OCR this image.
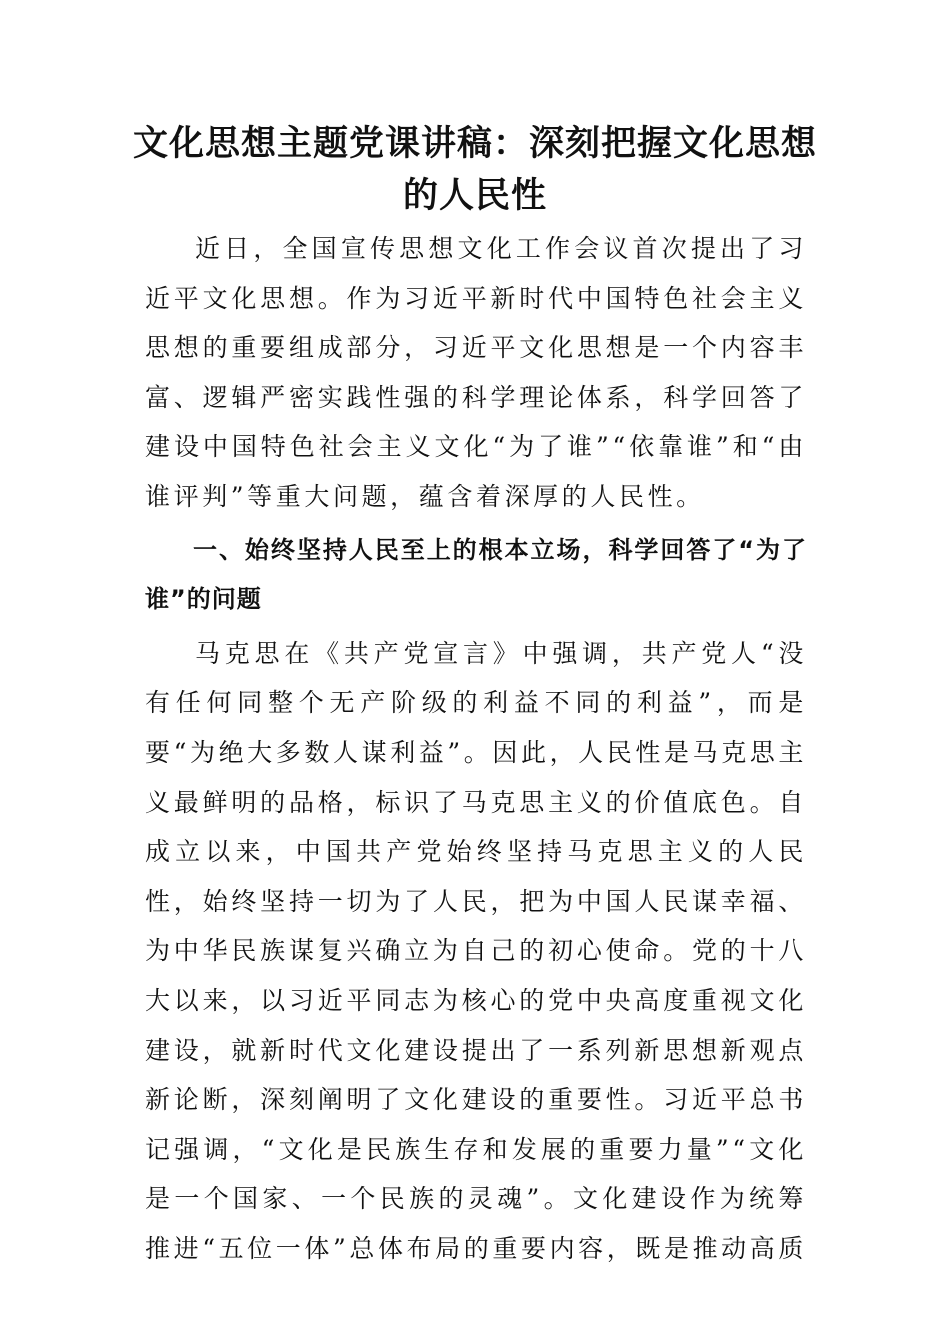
文化思想主题党课讲稿：深刻把握文化思想的人民性

近日，全国宣传思想文化工作会议首次提出了习近平文化思想。作为习近平新时代中国特色社会主义思想的重要组成部分，习近平文化思想是一个内容丰富、逻辑严密实践性强的科学理论体系，科学回答了建设中国特色社会主义文化“为了谁”“依靠谁”和“由谁评判”等重大问题，蕴含着深厚的人民性。

一、始终坚持人民至上的根本立场，科学回答了“为了谁”的问题

马克思在《共产党宣言》中强调，共产党人“没有任何同整个无产阶级的利益不同的利益”，而是要“为绝大多数人谋利益”。因此，人民性是马克思主义最鲜明的品格，标识了马克思主义的价值底色。自成立以来，中国共产党始终坚持马克思主义的人民性，始终坚持一切为了人民，把为中国人民谋幸福、为中华民族谋复兴确立为自己的初心使命。党的十八大以来，以习近平同志为核心的党中央高度重视文化建设，就新时代文化建设提出了一系列新思想新观点新论断，深刻阐明了文化建设的重要性。习近平总书记强调，“文化是民族生存和发展的重要力量”“文化是一个国家、一个民族的灵魂”。文化建设作为统筹推进“五位一体”总体布局的重要内容，既是推动高质
